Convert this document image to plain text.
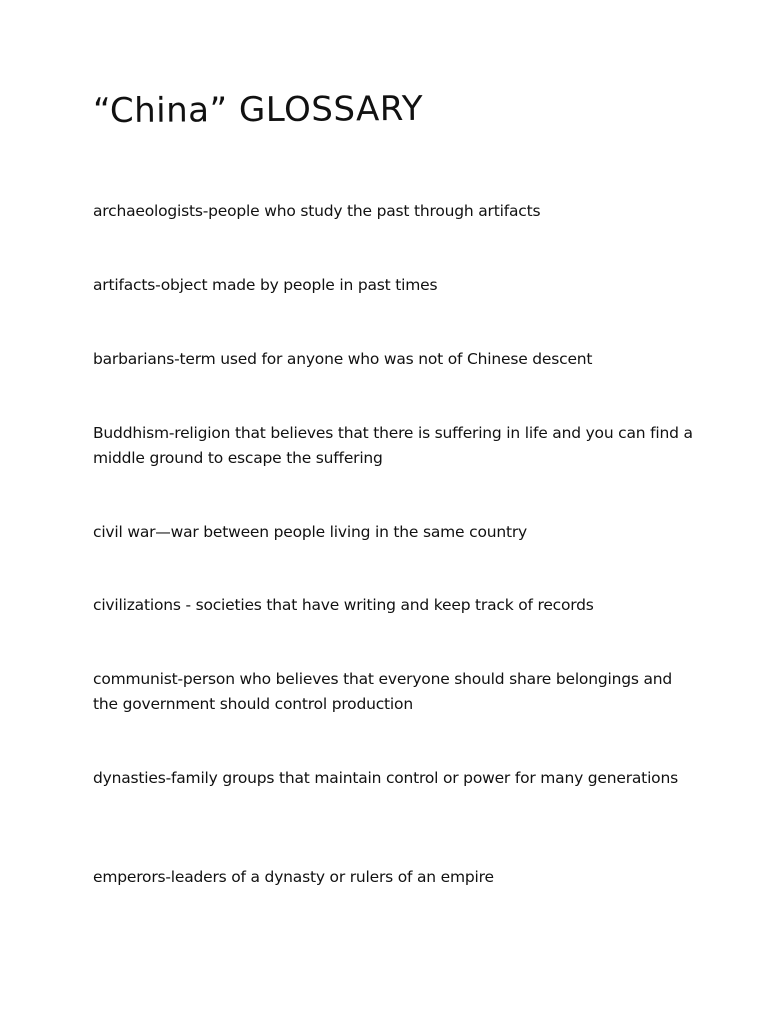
“China” GLOSSARY

archaeologists-people who study the past through artifacts

artifacts-object made by people in past times

barbarians-term used for anyone who was not of Chinese descent

Buddhism-religion that believes that there is suffering in life and you can find a middle ground to escape the suffering

civil war—war between people living in the same country

civilizations - societies that have writing and keep track of records

communist-person who believes that everyone should share belongings and the government should control production

dynasties-family groups that maintain control or power for many generations

emperors-leaders of a dynasty or rulers of an empire
